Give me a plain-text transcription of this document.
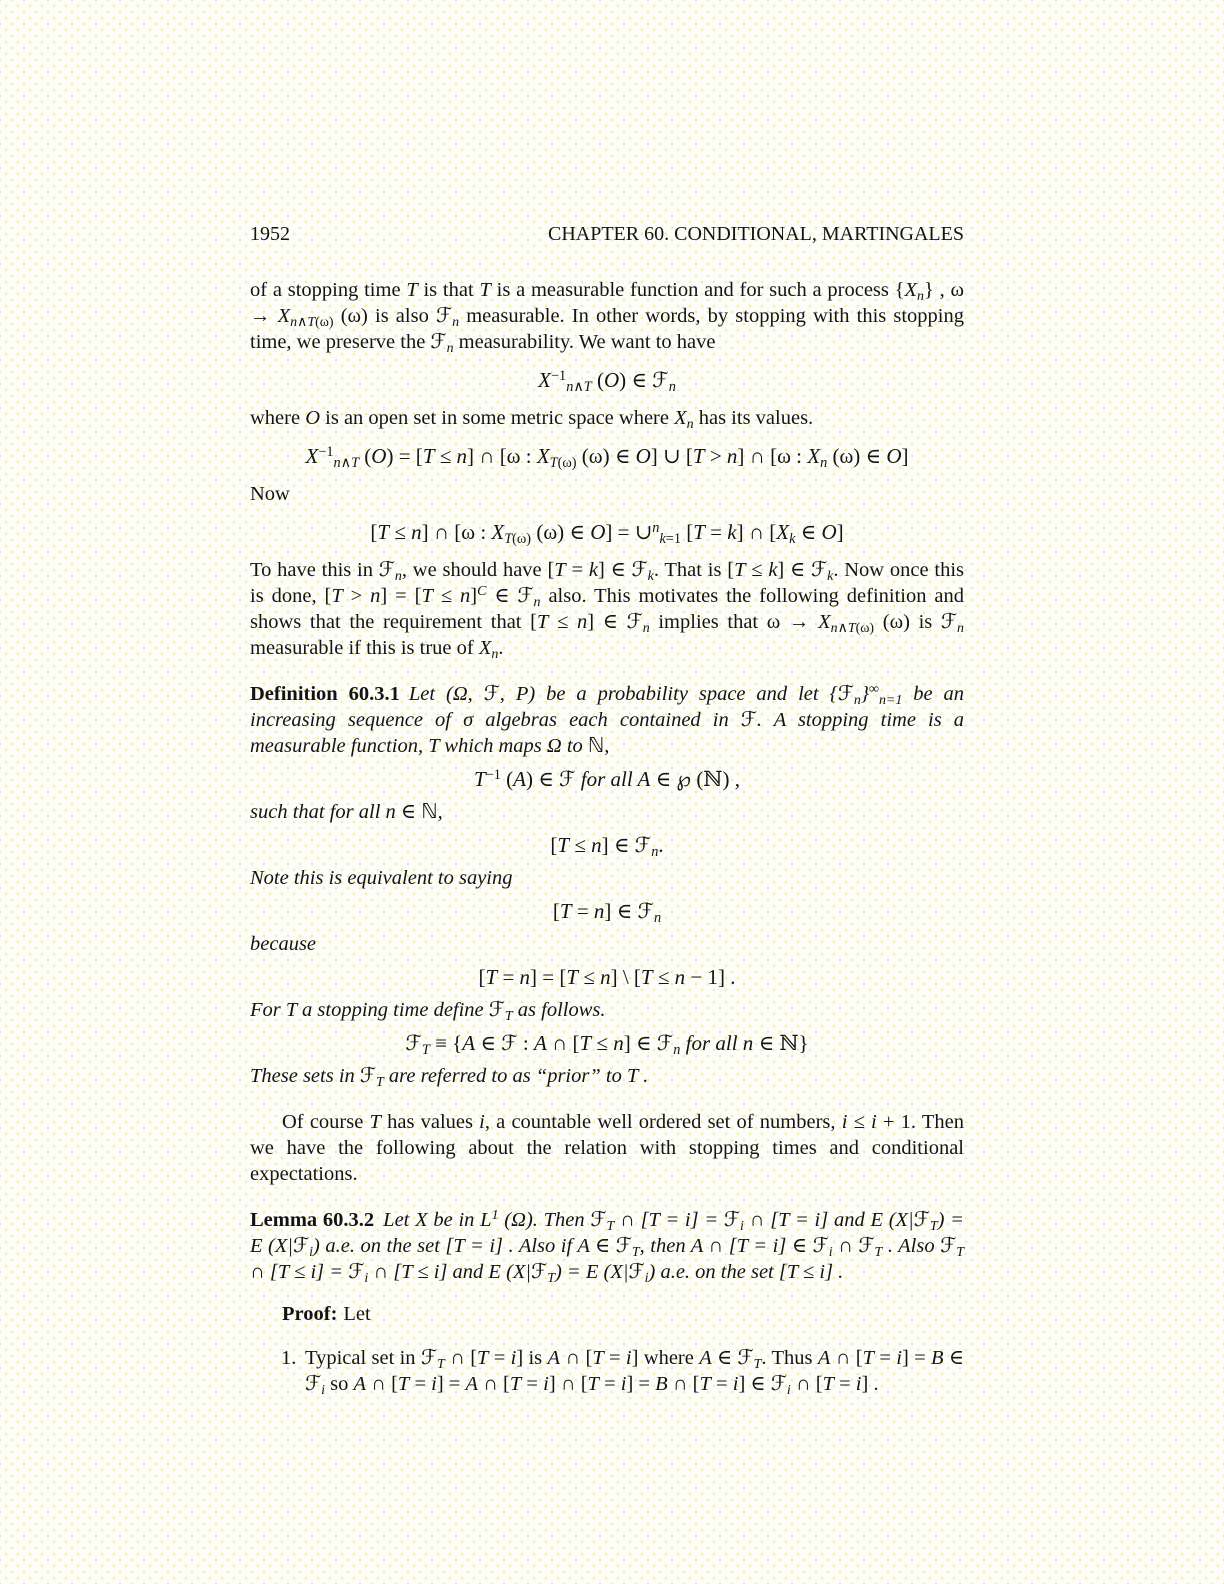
1952	CHAPTER 60. CONDITIONAL, MARTINGALES

of a stopping time T is that T is a measurable function and for such a process $\{X_n\}$ , $\omega \to X_{n\wedge T(\omega)}$ (ω) is also ℱ$_n$ measurable. In other words, by stopping with this stopping time, we preserve the ℱ$_n$ measurability. We want to have

$X^{-1}_{n\wedge T}$ (O) ∈ ℱ$_n$

where O is an open set in some metric space where $X_n$ has its values.

$X^{-1}_{n\wedge T}$ (O) = [T ≤ n] ∩ [ω : $X_{T(\omega)}$ (ω) ∈ O] ∪ [T > n] ∩ [ω : $X_n$ (ω) ∈ O]

Now

[T ≤ n] ∩ [ω : $X_{T(\omega)}$ (ω) ∈ O] = ∪$^n_{k=1}$ [T = k] ∩ [$X_k$ ∈ O]

To have this in ℱ$_n$, we should have [T = k] ∈ ℱ$_k$. That is [T ≤ k] ∈ ℱ$_k$. Now once this is done, [T > n] = [T ≤ n]$^C$ ∈ ℱ$_n$ also. This motivates the following definition and shows that the requirement that [T ≤ n] ∈ ℱ$_n$ implies that $\omega \to X_{n\wedge T(\omega)}$ (ω) is ℱ$_n$ measurable if this is true of $X_n$.

Definition 60.3.1 Let (Ω, ℱ, P) be a probability space and let $\{ℱ_n\}^\infty_{n=1}$ be an increasing sequence of σ algebras each contained in ℱ. A stopping time is a measurable function, T which maps Ω to ℕ,

$T^{-1}$ (A) ∈ ℱ for all A ∈ ℘ (ℕ) ,

such that for all n ∈ ℕ,

[T ≤ n] ∈ ℱ$_n$.

Note this is equivalent to saying

[T = n] ∈ ℱ$_n$

because

[T = n] = [T ≤ n] \ [T ≤ n − 1] .

For T a stopping time define ℱ$_T$ as follows.

ℱ$_T$ ≡ {A ∈ ℱ : A ∩ [T ≤ n] ∈ ℱ$_n$ for all n ∈ ℕ}

These sets in ℱ$_T$ are referred to as “prior” to T .

Of course T has values i, a countable well ordered set of numbers, i ≤ i + 1. Then we have the following about the relation with stopping times and conditional expectations.

Lemma 60.3.2 Let X be in $L^1$ (Ω). Then ℱ$_T$ ∩ [T = i] = ℱ$_i$ ∩ [T = i] and E (X|ℱ$_T$) = E (X|ℱ$_i$) a.e. on the set [T = i] . Also if A ∈ ℱ$_T$, then A ∩ [T = i] ∈ ℱ$_i$ ∩ ℱ$_T$ . Also ℱ$_T$ ∩ [T ≤ i] = ℱ$_i$ ∩ [T ≤ i] and E (X|ℱ$_T$) = E (X|ℱ$_i$) a.e. on the set [T ≤ i] .

Proof: Let

1. Typical set in ℱ$_T$ ∩ [T = i] is A ∩ [T = i] where A ∈ ℱ$_T$. Thus A ∩ [T = i] = B ∈ ℱ$_i$ so A ∩ [T = i] = A ∩ [T = i] ∩ [T = i] = B ∩ [T = i] ∈ ℱ$_i$ ∩ [T = i] .
